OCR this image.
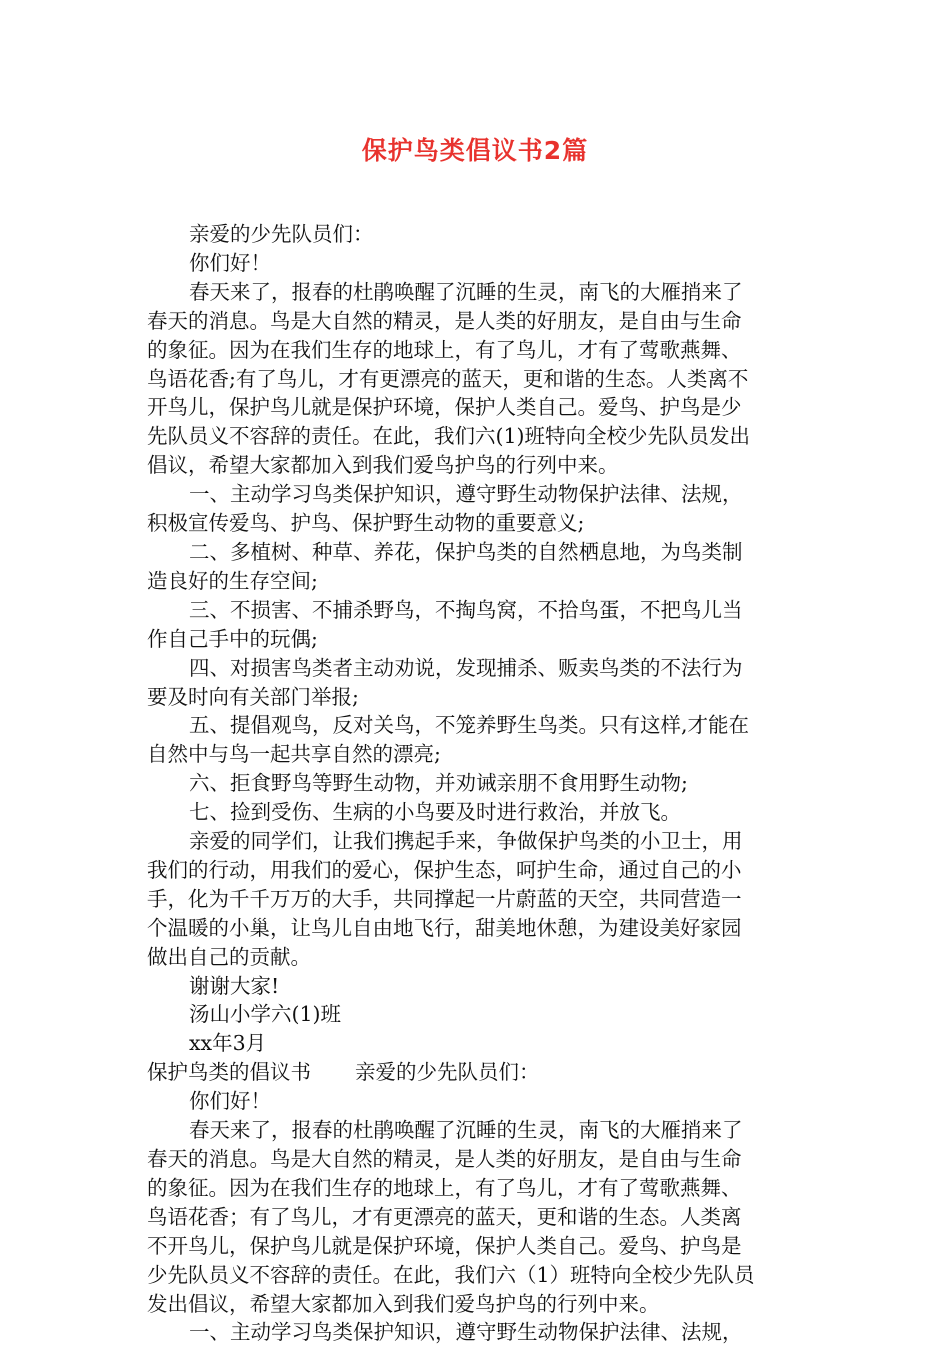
保护鸟类倡议书2篇

亲爱的少先队员们：

你们好！

春天来了，报春的杜鹃唤醒了沉睡的生灵，南飞的大雁捎来了

春天的消息。鸟是大自然的精灵，是人类的好朋友，是自由与生命

的象征。因为在我们生存的地球上，有了鸟儿，才有了莺歌燕舞、

鸟语花香;有了鸟儿，才有更漂亮的蓝天，更和谐的生态。人类离不

开鸟儿，保护鸟儿就是保护环境，保护人类自己。爱鸟、护鸟是少

先队员义不容辞的责任。在此，我们六(1)班特向全校少先队员发出

倡议，希望大家都加入到我们爱鸟护鸟的行列中来。

一、主动学习鸟类保护知识，遵守野生动物保护法律、法规，

积极宣传爱鸟、护鸟、保护野生动物的重要意义;

二、多植树、种草、养花，保护鸟类的自然栖息地，为鸟类制

造良好的生存空间;

三、不损害、不捕杀野鸟，不掏鸟窝，不拾鸟蛋，不把鸟儿当

作自己手中的玩偶;

四、对损害鸟类者主动劝说，发现捕杀、贩卖鸟类的不法行为

要及时向有关部门举报;

五、提倡观鸟，反对关鸟，不笼养野生鸟类。只有这样,才能在

自然中与鸟一起共享自然的漂亮;

六、拒食野鸟等野生动物，并劝诫亲朋不食用野生动物;

七、捡到受伤、生病的小鸟要及时进行救治，并放飞。

亲爱的同学们，让我们携起手来，争做保护鸟类的小卫士，用

我们的行动，用我们的爱心，保护生态，呵护生命，通过自己的小

手，化为千千万万的大手，共同撑起一片蔚蓝的天空，共同营造一

个温暖的小巢，让鸟儿自由地飞行，甜美地休憩，为建设美好家园

做出自己的贡献。

谢谢大家!

汤山小学六(1)班

xx年3月

保护鸟类的倡议书 亲爱的少先队员们：

你们好！

春天来了，报春的杜鹃唤醒了沉睡的生灵，南飞的大雁捎来了

春天的消息。鸟是大自然的精灵，是人类的好朋友，是自由与生命

的象征。因为在我们生存的地球上，有了鸟儿，才有了莺歌燕舞、

鸟语花香；有了鸟儿，才有更漂亮的蓝天，更和谐的生态。人类离

不开鸟儿，保护鸟儿就是保护环境，保护人类自己。爱鸟、护鸟是

少先队员义不容辞的责任。在此，我们六（1）班特向全校少先队员

发出倡议，希望大家都加入到我们爱鸟护鸟的行列中来。

一、主动学习鸟类保护知识，遵守野生动物保护法律、法规，
